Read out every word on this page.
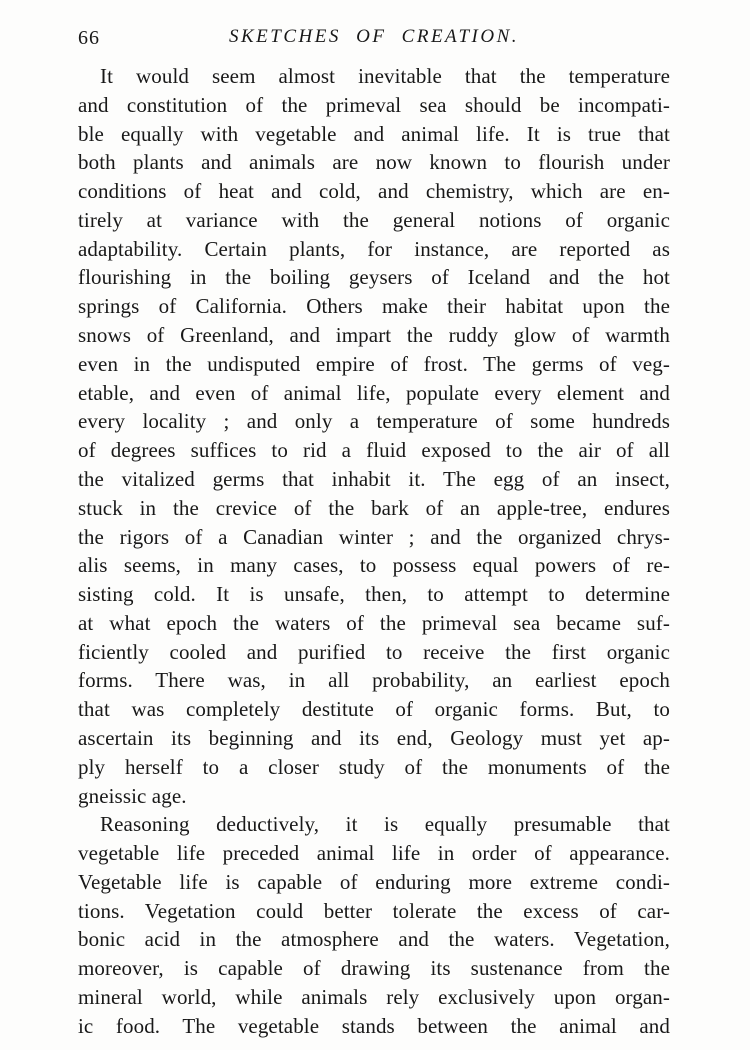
66	SKETCHES OF CREATION.

It would seem almost inevitable that the temperature
and constitution of the primeval sea should be incompati-
ble equally with vegetable and animal life. It is true that
both plants and animals are now known to flourish under
conditions of heat and cold, and chemistry, which are en-
tirely at variance with the general notions of organic
adaptability. Certain plants, for instance, are reported as
flourishing in the boiling geysers of Iceland and the hot
springs of California. Others make their habitat upon the
snows of Greenland, and impart the ruddy glow of warmth
even in the undisputed empire of frost. The germs of veg-
etable, and even of animal life, populate every element and
every locality ; and only a temperature of some hundreds
of degrees suffices to rid a fluid exposed to the air of all
the vitalized germs that inhabit it. The egg of an insect,
stuck in the crevice of the bark of an apple-tree, endures
the rigors of a Canadian winter ; and the organized chrys-
alis seems, in many cases, to possess equal powers of re-
sisting cold. It is unsafe, then, to attempt to determine
at what epoch the waters of the primeval sea became suf-
ficiently cooled and purified to receive the first organic
forms. There was, in all probability, an earliest epoch
that was completely destitute of organic forms. But, to
ascertain its beginning and its end, Geology must yet ap-
ply herself to a closer study of the monuments of the
gneissic age.

Reasoning deductively, it is equally presumable that
vegetable life preceded animal life in order of appearance.
Vegetable life is capable of enduring more extreme condi-
tions. Vegetation could better tolerate the excess of car-
bonic acid in the atmosphere and the waters. Vegetation,
moreover, is capable of drawing its sustenance from the
mineral world, while animals rely exclusively upon organ-
ic food. The vegetable stands between the animal and
